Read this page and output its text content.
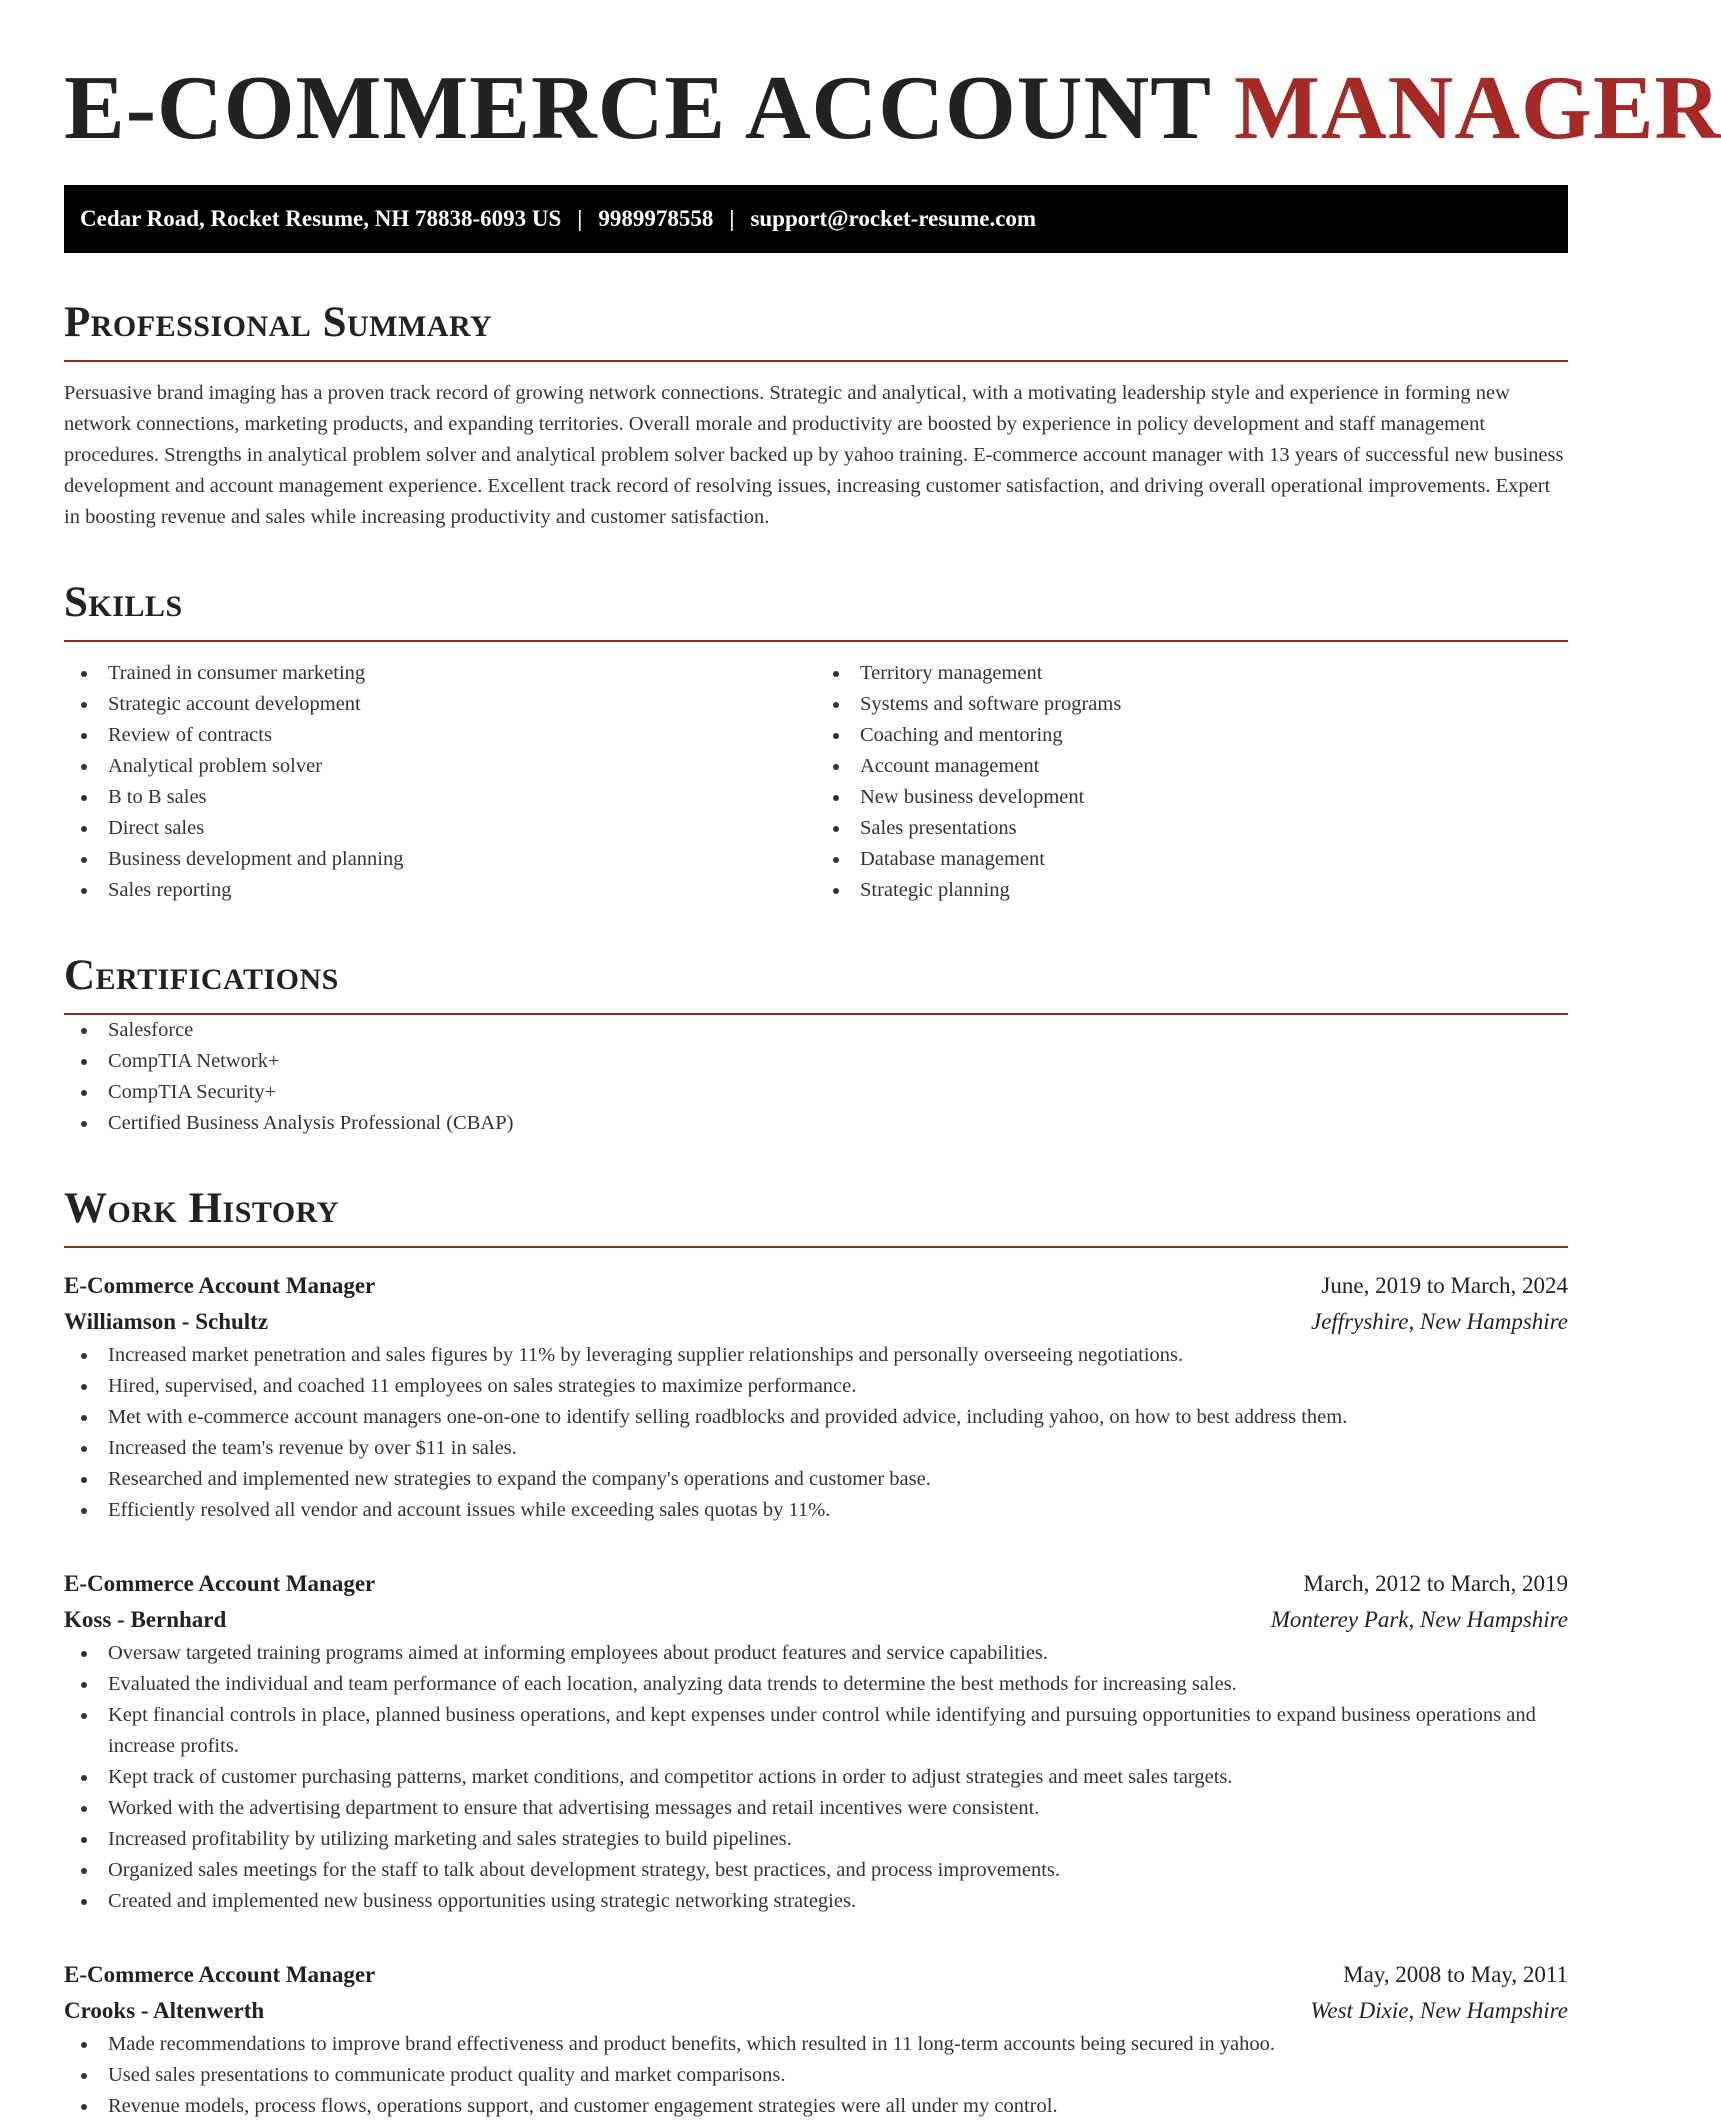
E-COMMERCE ACCOUNT MANAGER
Cedar Road, Rocket Resume, NH 78838-6093 US | 9989978558 | support@rocket-resume.com
Professional Summary

Persuasive brand imaging has a proven track record of growing network connections. Strategic and analytical, with a motivating leadership style and experience in forming new network connections, marketing products, and expanding territories. Overall morale and productivity are boosted by experience in policy development and staff management procedures. Strengths in analytical problem solver and analytical problem solver backed up by yahoo training. E-commerce account manager with 13 years of successful new business development and account management experience. Excellent track record of resolving issues, increasing customer satisfaction, and driving overall operational improvements. Expert in boosting revenue and sales while increasing productivity and customer satisfaction.

Skills
Trained in consumer marketing
Strategic account development
Review of contracts
Analytical problem solver
B to B sales
Direct sales
Business development and planning
Sales reporting
Territory management
Systems and software programs
Coaching and mentoring
Account management
New business development
Sales presentations
Database management
Strategic planning
Certifications
Salesforce
CompTIA Network+
CompTIA Security+
Certified Business Analysis Professional (CBAP)
Work History
E-Commerce Account Manager	June, 2019 to March, 2024
Williamson - Schultz	Jeffryshire, New Hampshire
Increased market penetration and sales figures by 11% by leveraging supplier relationships and personally overseeing negotiations.
Hired, supervised, and coached 11 employees on sales strategies to maximize performance.
Met with e-commerce account managers one-on-one to identify selling roadblocks and provided advice, including yahoo, on how to best address them.
Increased the team's revenue by over $11 in sales.
Researched and implemented new strategies to expand the company's operations and customer base.
Efficiently resolved all vendor and account issues while exceeding sales quotas by 11%.
E-Commerce Account Manager	March, 2012 to March, 2019
Koss - Bernhard	Monterey Park, New Hampshire
Oversaw targeted training programs aimed at informing employees about product features and service capabilities.
Evaluated the individual and team performance of each location, analyzing data trends to determine the best methods for increasing sales.
Kept financial controls in place, planned business operations, and kept expenses under control while identifying and pursuing opportunities to expand business operations and increase profits.
Kept track of customer purchasing patterns, market conditions, and competitor actions in order to adjust strategies and meet sales targets.
Worked with the advertising department to ensure that advertising messages and retail incentives were consistent.
Increased profitability by utilizing marketing and sales strategies to build pipelines.
Organized sales meetings for the staff to talk about development strategy, best practices, and process improvements.
Created and implemented new business opportunities using strategic networking strategies.
E-Commerce Account Manager	May, 2008 to May, 2011
Crooks - Altenwerth	West Dixie, New Hampshire
Made recommendations to improve brand effectiveness and product benefits, which resulted in 11 long-term accounts being secured in yahoo.
Used sales presentations to communicate product quality and market comparisons.
Revenue models, process flows, operations support, and customer engagement strategies were all under my control.
